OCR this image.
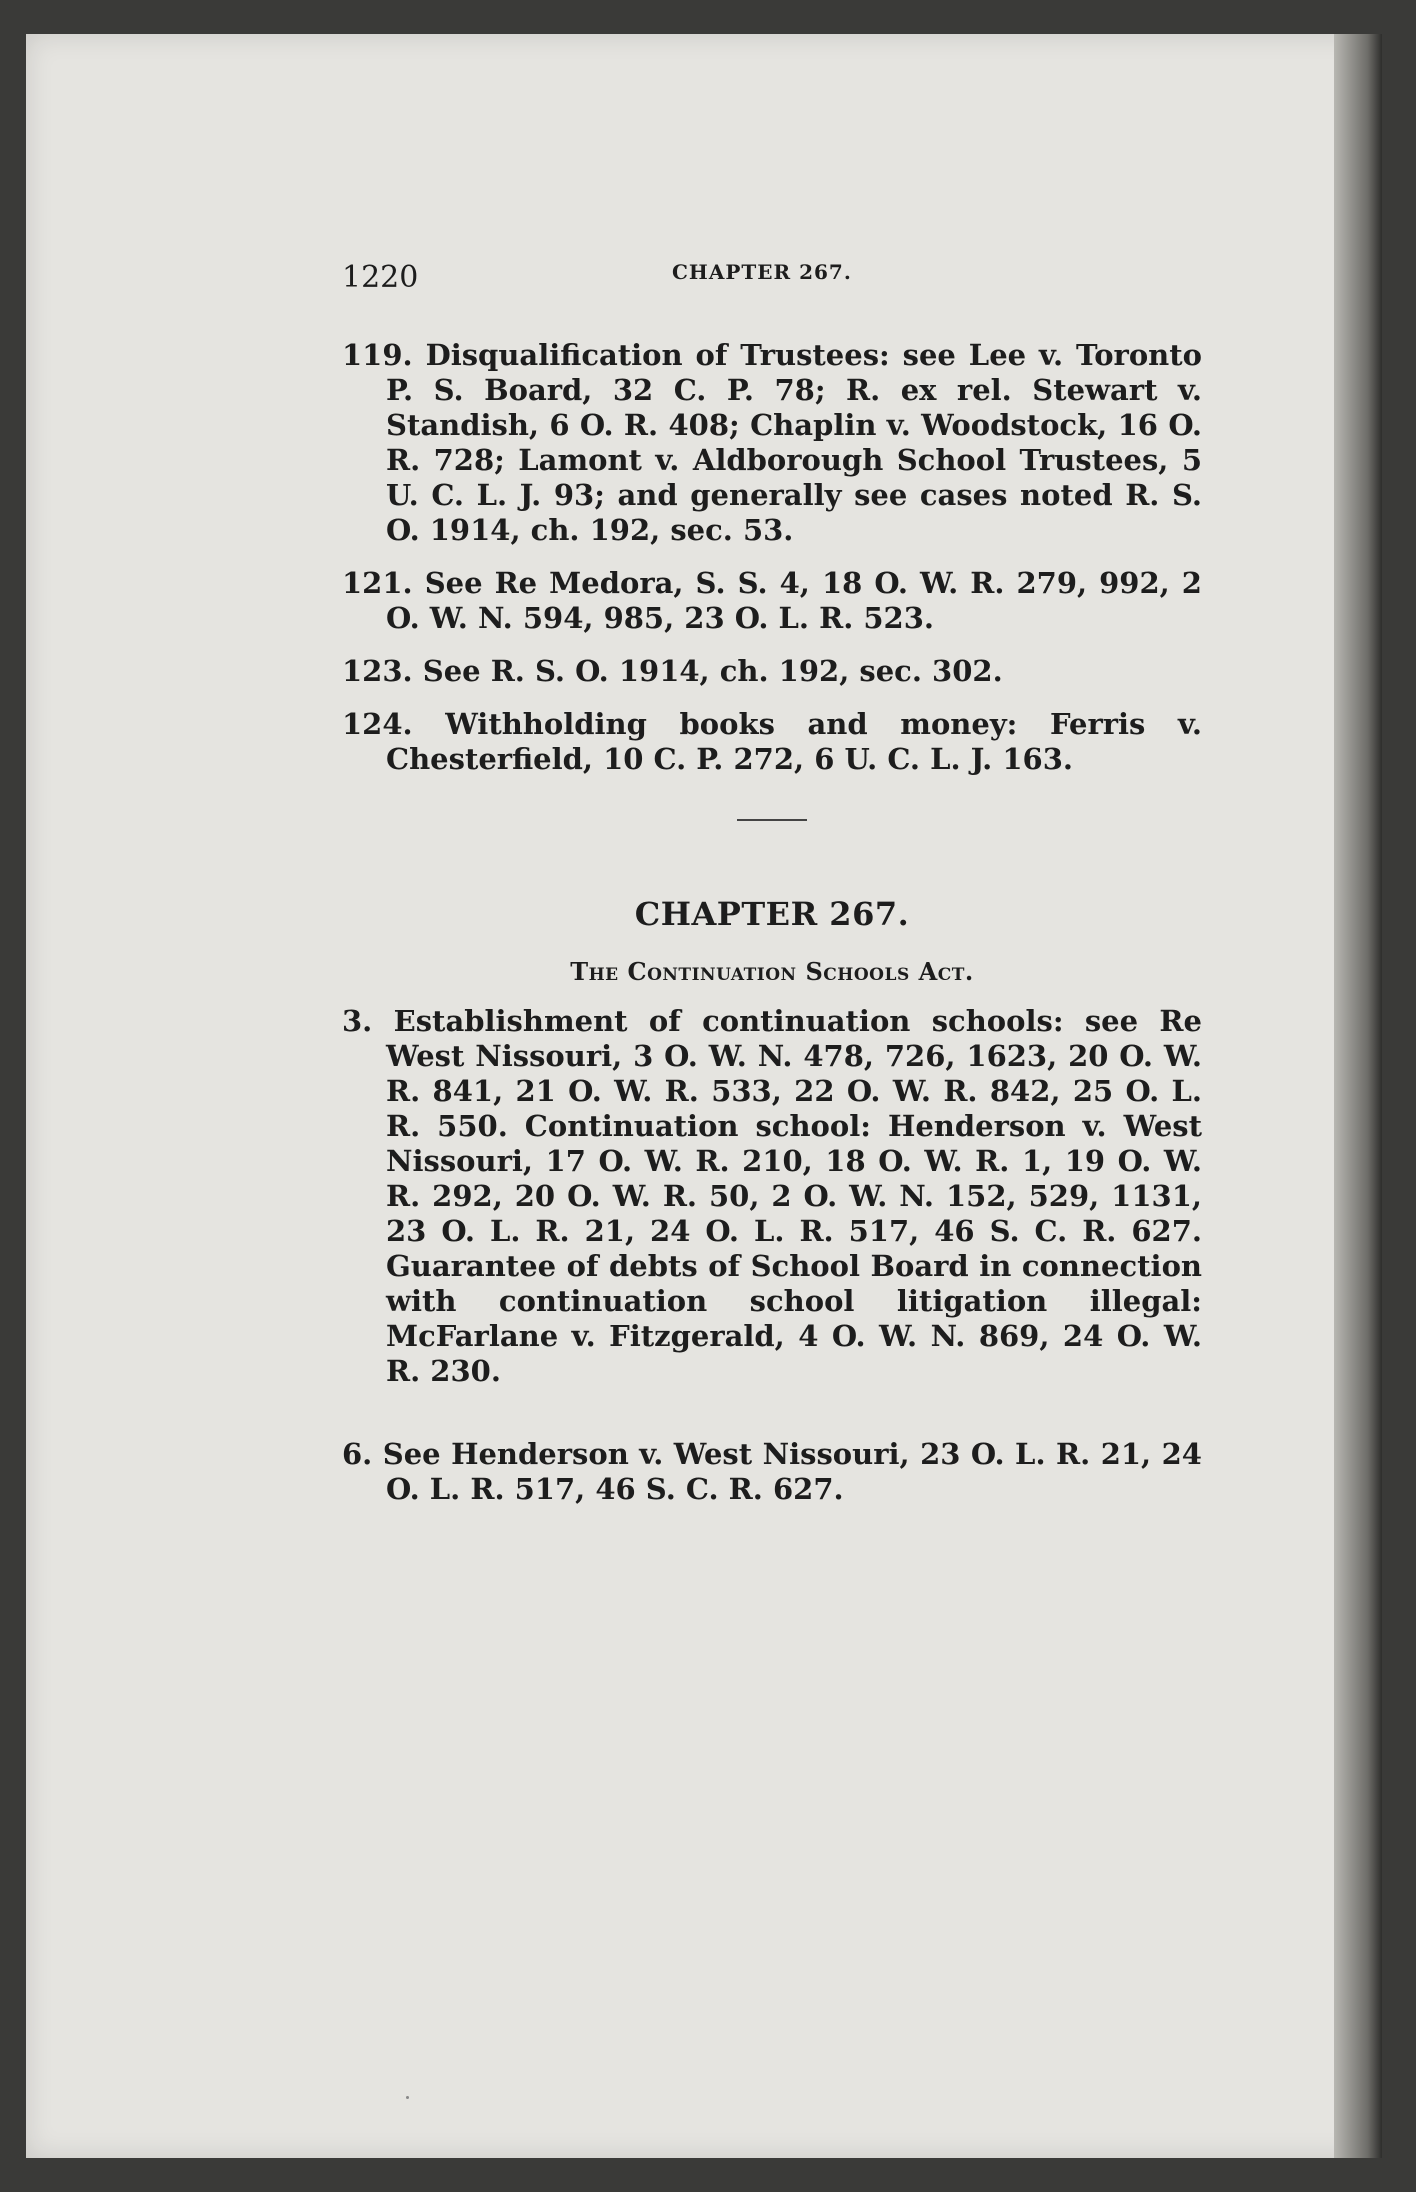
1220	CHAPTER 267.

119. Disqualification of Trustees: see Lee v. Toronto P. S. Board, 32 C. P. 78; R. ex rel. Stewart v. Standish, 6 O. R. 408; Chaplin v. Woodstock, 16 O. R. 728; Lamont v. Aldborough School Trustees, 5 U. C. L. J. 93; and generally see cases noted R. S. O. 1914, ch. 192, sec. 53.

121. See Re Medora, S. S. 4, 18 O. W. R. 279, 992, 2 O. W. N. 594, 985, 23 O. L. R. 523.

123. See R. S. O. 1914, ch. 192, sec. 302.

124. Withholding books and money: Ferris v. Chesterfield, 10 C. P. 272, 6 U. C. L. J. 163.

CHAPTER 267.
The Continuation Schools Act.

3. Establishment of continuation schools: see Re West Nissouri, 3 O. W. N. 478, 726, 1623, 20 O. W. R. 841, 21 O. W. R. 533, 22 O. W. R. 842, 25 O. L. R. 550. Continuation school: Henderson v. West Nissouri, 17 O. W. R. 210, 18 O. W. R. 1, 19 O. W. R. 292, 20 O. W. R. 50, 2 O. W. N. 152, 529, 1131, 23 O. L. R. 21, 24 O. L. R. 517, 46 S. C. R. 627. Guarantee of debts of School Board in connection with continuation school litigation illegal: McFarlane v. Fitzgerald, 4 O. W. N. 869, 24 O. W. R. 230.

6. See Henderson v. West Nissouri, 23 O. L. R. 21, 24 O. L. R. 517, 46 S. C. R. 627.
